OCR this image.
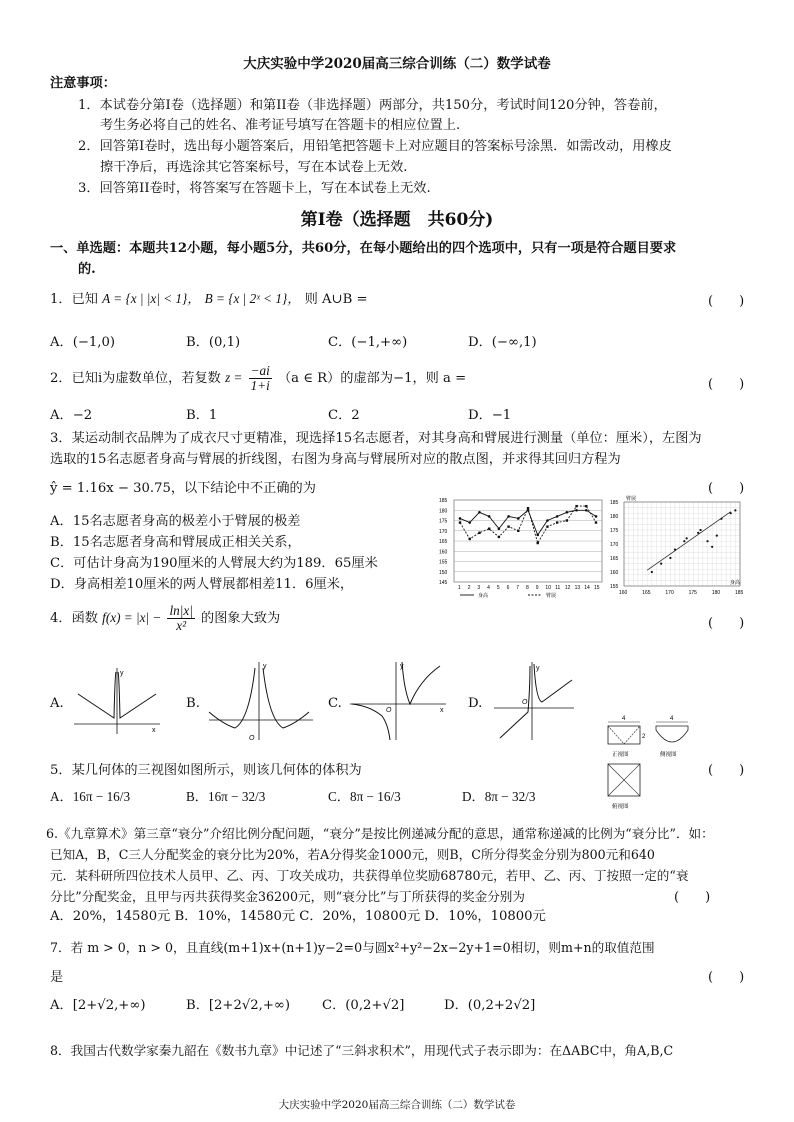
大庆实验中学2020届高三综合训练（二）数学试卷
注意事项：
1．本试卷分第I卷（选择题）和第II卷（非选择题）两部分，共150分，考试时间120分钟，答卷前，
考生务必将自己的姓名、准考证号填写在答题卡的相应位置上.
2．回答第I卷时，选出每小题答案后，用铅笔把答题卡上对应题目的答案标号涂黑．如需改动，用橡皮
擦干净后，再选涂其它答案标号，写在本试卷上无效.
3．回答第II卷时，将答案写在答题卡上，写在本试卷上无效.
第I卷（选择题　共60分)
一、单选题：本题共12小题，每小题5分，共60分，在每小题给出的四个选项中，只有一项是符合题目要求
的.
1．已知 A = {x | |x| < 1}， B = {x | 2ˣ < 1}， 则 A∪B =	(　　)
A．(−1,0)	B．(0,1)	C．(−1,+∞)	D．(−∞,1)
2．已知i为虚数单位，若复数 $z = \frac{-ai}{1+i} (a$ ∈ R）的虚部为−1，则 a =	(　　)
A．−2	B．1	C．2	D．−1
3．某运动制衣品牌为了成衣尺寸更精准，现选择15名志愿者，对其身高和臂展进行测量（单位：厘米），左图为
选取的15名志愿者身高与臂展的折线图，右图为身高与臂展所对应的散点图，并求得其回归方程为
ŷ = 1.16x − 30.75，以下结论中不正确的为	(　　)
A．15名志愿者身高的极差小于臂展的极差
B．15名志愿者身高和臂展成正相关关系，
C．可估计身高为190厘米的人臂展大约为189．65厘米
D．身高相差10厘米的两人臂展都相差11．6厘米，
185
180
175
170
165
160
155
150
145
1 2 3 4 5 6 7 8 9 10 11 12 13 14 15
身高	臂展
185
180
175
170
165
160
155
160	165	170	175	180	185
臂展
身高
4．函数 $f(x) = |x| - \frac{\ln|x|}{\text{x²}}$ 的图象大致为	(　　)
A.
y
x
B.
y
O
C.
y
O	x D.
y
O
4
2
正视图
4
侧视图
俯视图
5．某几何体的三视图如图所示，则该几何体的体积为	(　　)
A．16π − 16/3	B．16π − 32/3	C．8π − 16/3	D．8π − 32/3
6.《九章算术》第三章“衰分”介绍比例分配问题，“衰分”是按比例递减分配的意思，通常称递减的比例为“衰分比”．如：
已知A，B，C三人分配奖金的衰分比为20%，若A分得奖金1000元，则B，C所分得奖金分别为800元和640
元．某科研所四位技术人员甲、乙、丙、丁攻关成功，共获得单位奖励68780元，若甲、乙、丙、丁按照一定的“衰
分比”分配奖金，且甲与丙共获得奖金36200元，则“衰分比”与丁所获得的奖金分别为	(　　)
A．20%，14580元 B．10%，14580元 C．20%，10800元 D．10%，10800元
7．若 m > 0，n > 0，且直线(m+1)x+(n+1)y−2=0与圆x²+y²−2x−2y+1=0相切，则m+n的取值范围
是	(　　)
A．[2+√2,+∞)	B．[2+2√2,+∞) C．(0,2+√2]	D．(0,2+2√2]
8．我国古代数学家秦九韶在《数书九章》中记述了“三斜求积术”，用现代式子表示即为：在ΔABC中，角A,B,C
大庆实验中学2020届高三综合训练（二）数学试卷
